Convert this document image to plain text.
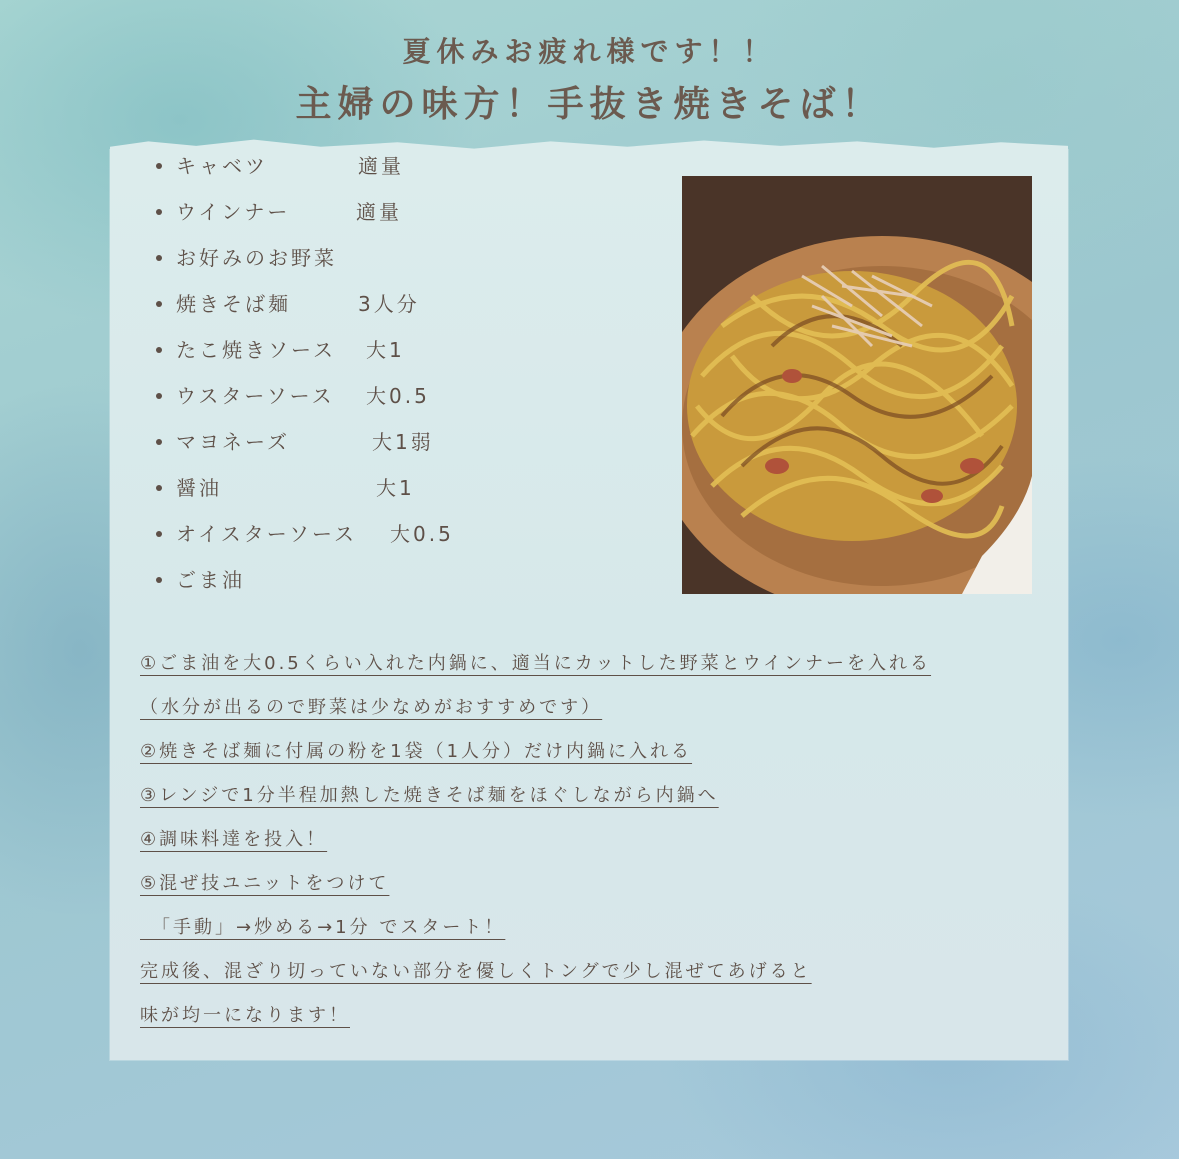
夏休みお疲れ様です！！
主婦の味方！手抜き焼きそば！
キャベツ	適量
ウインナー	適量
お好みのお野菜
焼きそば麺	3人分
たこ焼きソース 大1
ウスターソース 大0.5
マヨネーズ	大1弱
醤油	大1
オイスターソース 大0.5
ごま油
①ごま油を大0.5くらい入れた内鍋に、適当にカットした野菜とウインナーを入れる
（水分が出るので野菜は少なめがおすすめです）
②焼きそば麺に付属の粉を1袋（1人分）だけ内鍋に入れる
③レンジで1分半程加熱した焼きそば麺をほぐしながら内鍋へ
④調味料達を投入！
⑤混ぜ技ユニットをつけて
　「手動」→炒める→1分 でスタート！
完成後、混ざり切っていない部分を優しくトングで少し混ぜてあげると
味が均一になります！
